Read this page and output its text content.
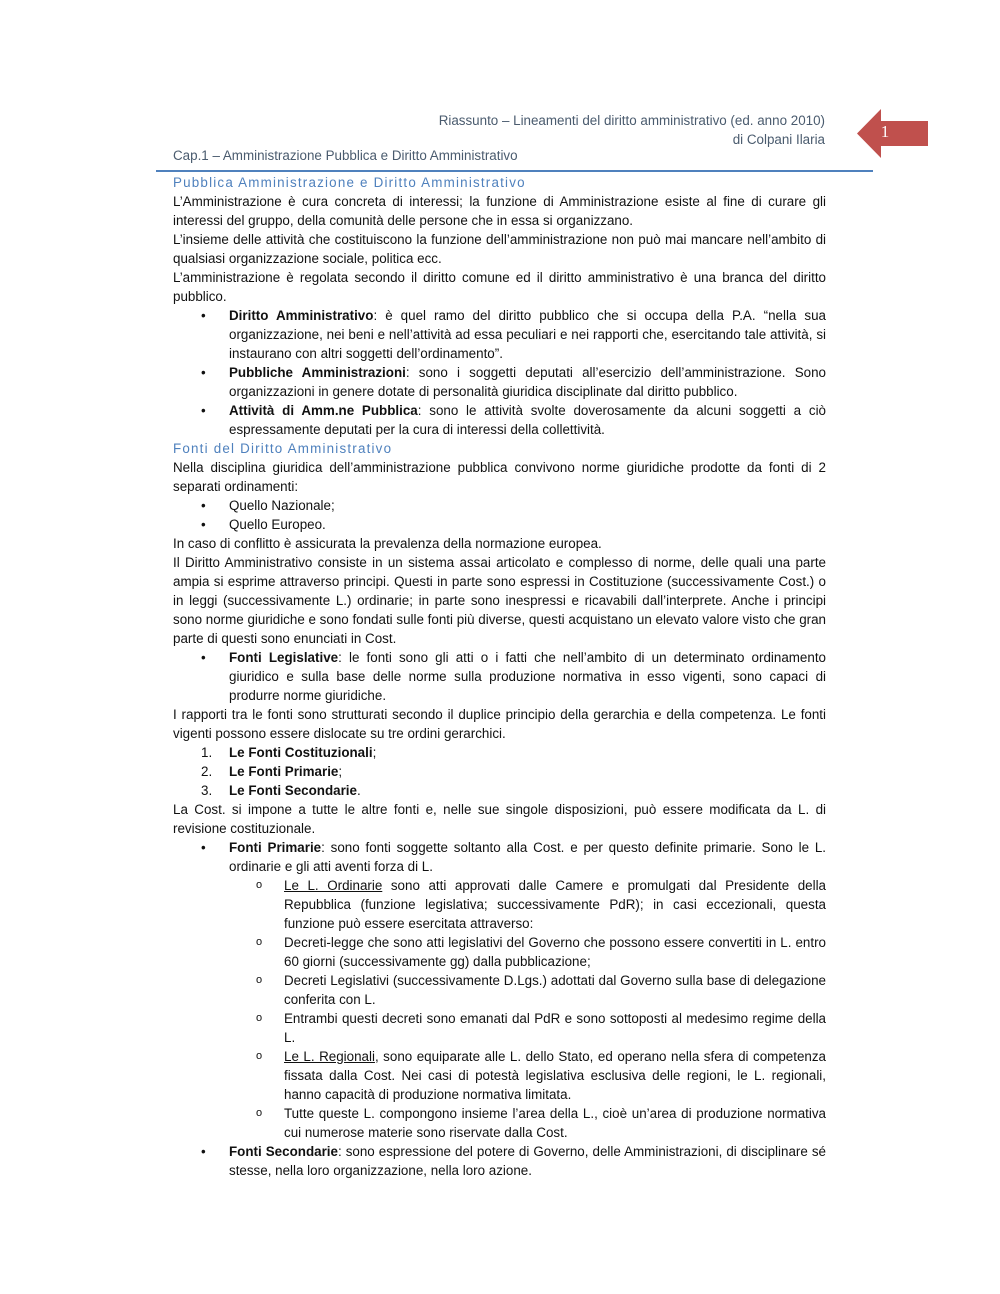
Riassunto – Lineamenti del diritto amministrativo (ed. anno 2010)
di Colpani Ilaria
Cap.1 – Amministrazione Pubblica e Diritto Amministrativo
1
Pubblica Amministrazione e Diritto Amministrativo

L’Amministrazione è cura concreta di interessi; la funzione di Amministrazione esiste al fine di curare gli interessi del gruppo, della comunità delle persone che in essa si organizzano.

L’insieme delle attività che costituiscono la funzione dell’amministrazione non può mai mancare nell’ambito di qualsiasi organizzazione sociale, politica ecc.

L’amministrazione è regolata secondo il diritto comune ed il diritto amministrativo è una branca del diritto pubblico.

• Diritto Amministrativo: è quel ramo del diritto pubblico che si occupa della P.A. “nella sua organizzazione, nei beni e nell’attività ad essa peculiari e nei rapporti che, esercitando tale attività, si instaurano con altri soggetti dell’ordinamento”.
• Pubbliche Amministrazioni: sono i soggetti deputati all’esercizio dell’amministrazione. Sono organizzazioni in genere dotate di personalità giuridica disciplinate dal diritto pubblico.
• Attività di Amm.ne Pubblica: sono le attività svolte doverosamente da alcuni soggetti a ciò espressamente deputati per la cura di interessi della collettività.
Fonti del Diritto Amministrativo

Nella disciplina giuridica dell’amministrazione pubblica convivono norme giuridiche prodotte da fonti di 2 separati ordinamenti:

• Quello Nazionale;
• Quello Europeo.

In caso di conflitto è assicurata la prevalenza della normazione europea.

Il Diritto Amministrativo consiste in un sistema assai articolato e complesso di norme, delle quali una parte ampia si esprime attraverso principi. Questi in parte sono espressi in Costituzione (successivamente Cost.) o in leggi (successivamente L.) ordinarie; in parte sono inespressi e ricavabili dall’interprete. Anche i principi sono norme giuridiche e sono fondati sulle fonti più diverse, questi acquistano un elevato valore visto che gran parte di questi sono enunciati in Cost.

• Fonti Legislative: le fonti sono gli atti o i fatti che nell’ambito di un determinato ordinamento giuridico e sulla base delle norme sulla produzione normativa in esso vigenti, sono capaci di produrre norme giuridiche.

I rapporti tra le fonti sono strutturati secondo il duplice principio della gerarchia e della competenza. Le fonti vigenti possono essere dislocate su tre ordini gerarchici.

1. Le Fonti Costituzionali;
2. Le Fonti Primarie;
3. Le Fonti Secondarie.

La Cost. si impone a tutte le altre fonti e, nelle sue singole disposizioni, può essere modificata da L. di revisione costituzionale.

• Fonti Primarie: sono fonti soggette soltanto alla Cost. e per questo definite primarie. Sono le L. ordinarie e gli atti aventi forza di L.
o Le L. Ordinarie sono atti approvati dalle Camere e promulgati dal Presidente della Repubblica (funzione legislativa; successivamente PdR); in casi eccezionali, questa funzione può essere esercitata attraverso:
o Decreti-legge che sono atti legislativi del Governo che possono essere convertiti in L. entro 60 giorni (successivamente gg) dalla pubblicazione;
o Decreti Legislativi (successivamente D.Lgs.) adottati dal Governo sulla base di delegazione conferita con L.
o Entrambi questi decreti sono emanati dal PdR e sono sottoposti al medesimo regime della L.
o Le L. Regionali, sono equiparate alle L. dello Stato, ed operano nella sfera di competenza fissata dalla Cost. Nei casi di potestà legislativa esclusiva delle regioni, le L. regionali, hanno capacità di produzione normativa limitata.
o Tutte queste L. compongono insieme l’area della L., cioè un’area di produzione normativa cui numerose materie sono riservate dalla Cost.
• Fonti Secondarie: sono espressione del potere di Governo, delle Amministrazioni, di disciplinare sé stesse, nella loro organizzazione, nella loro azione.
